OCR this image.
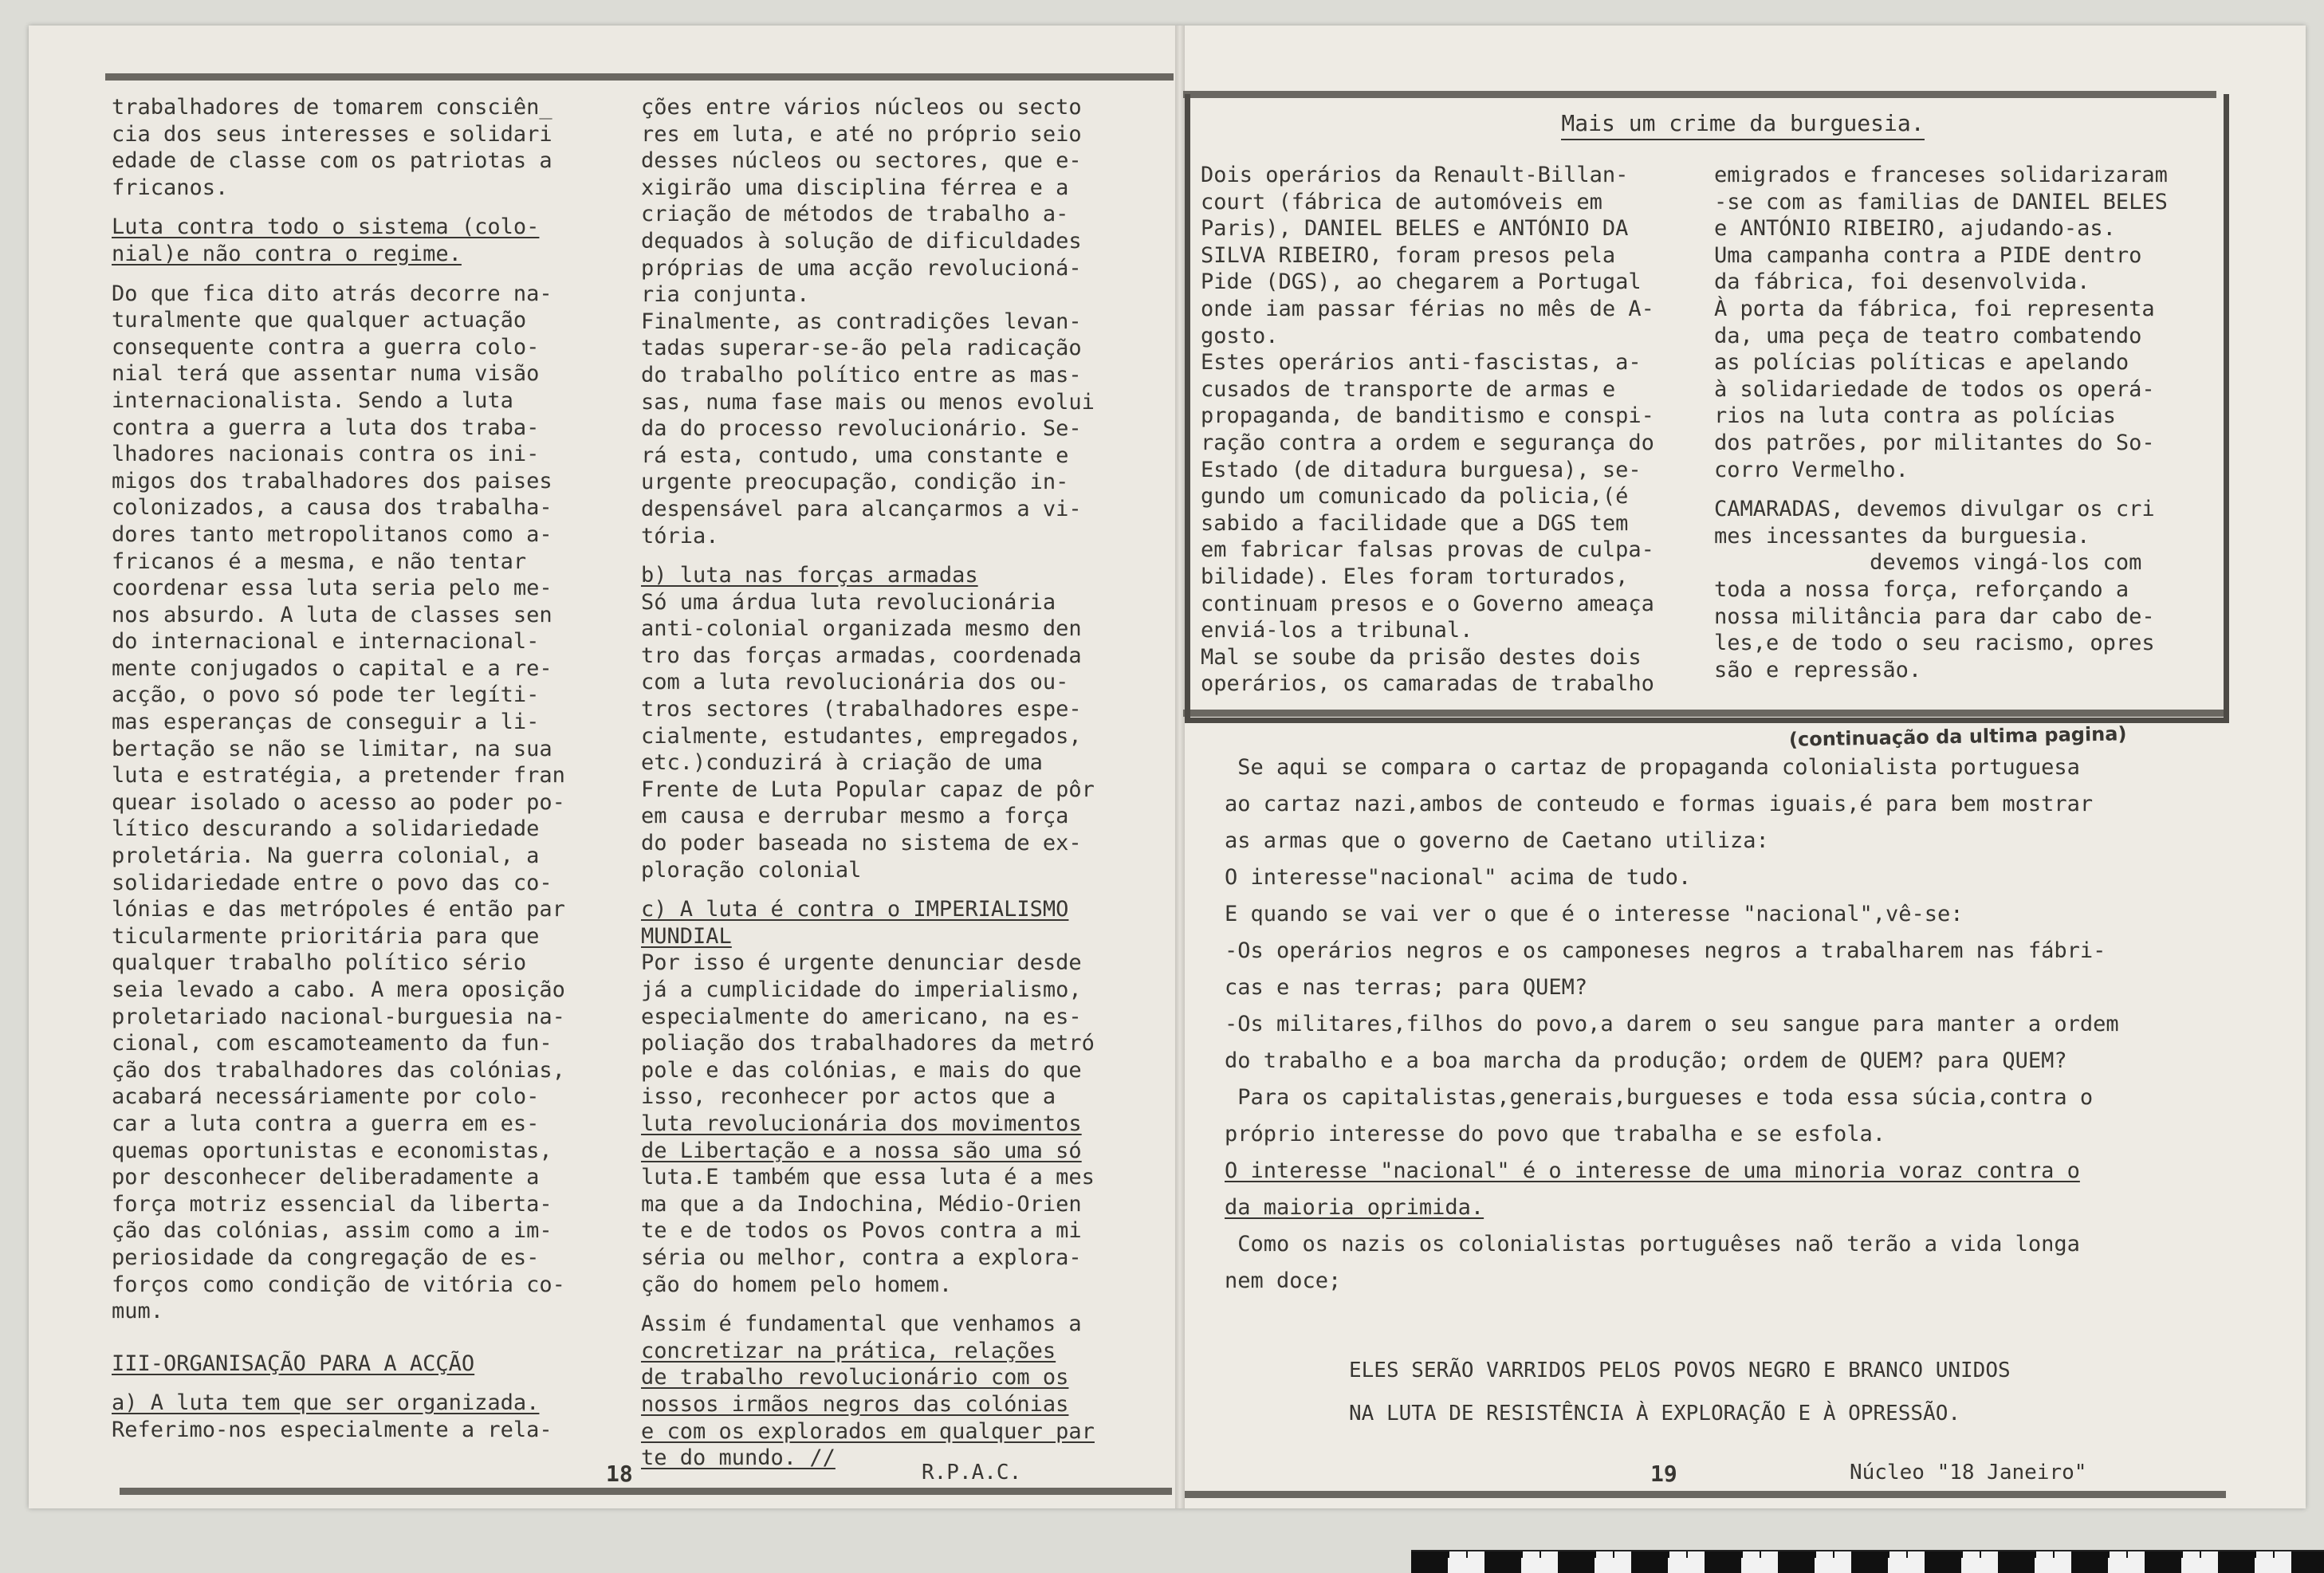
Mais um crime da burguesia.
trabalhadores de tomarem consciên_
cia dos seus interesses e solidari
edade de classe com os patriotas a
fricanos.
Luta contra todo o sistema (colo-
nial)e não contra o regime.
Do que fica dito atrás decorre na-
turalmente que qualquer actuação
consequente contra a guerra colo-
nial terá que assentar numa visão
internacionalista. Sendo a luta
contra a guerra a luta dos traba-
lhadores nacionais contra os ini-
migos dos trabalhadores dos paises
colonizados, a causa dos trabalha-
dores tanto metropolitanos como a-
fricanos é a mesma, e não tentar
coordenar essa luta seria pelo me-
nos absurdo. A luta de classes sen
do internacional e internacional-
mente conjugados o capital e a re-
acção, o povo só pode ter legíti-
mas esperanças de conseguir a li-
bertação se não se limitar, na sua
luta e estratégia, a pretender fran
quear isolado o acesso ao poder po-
lítico descurando a solidariedade
proletária. Na guerra colonial, a
solidariedade entre o povo das co-
lónias e das metrópoles é então par
ticularmente prioritária para que
qualquer trabalho político sério
seia levado a cabo. A mera oposição
proletariado nacional-burguesia na-
cional, com escamoteamento da fun-
ção dos trabalhadores das colónias,
acabará necessáriamente por colo-
car a luta contra a guerra em es-
quemas oportunistas e economistas,
por desconhecer deliberadamente a
força motriz essencial da liberta-
ção das colónias, assim como a im-
periosidade da congregação de es-
forços como condição de vitória co-
mum.
III-ORGANISAÇÃO PARA A ACÇÃO
a) A luta tem que ser organizada.
Referimo-nos especialmente a rela-
ções entre vários núcleos ou secto
res em luta, e até no próprio seio
desses núcleos ou sectores, que e-
xigirão uma disciplina férrea e a
criação de métodos de trabalho a-
dequados à solução de dificuldades
próprias de uma acção revolucioná-
ria conjunta.
Finalmente, as contradições levan-
tadas superar-se-ão pela radicação
do trabalho político entre as mas-
sas, numa fase mais ou menos evolui
da do processo revolucionário. Se-
rá esta, contudo, uma constante e
urgente preocupação, condição in-
despensável para alcançarmos a vi-
tória.
b) luta nas forças armadas
Só uma árdua luta revolucionária
anti-colonial organizada mesmo den
tro das forças armadas, coordenada
com a luta revolucionária dos ou-
tros sectores (trabalhadores espe-
cialmente, estudantes, empregados,
etc.)conduzirá à criação de uma
Frente de Luta Popular capaz de pôr
em causa e derrubar mesmo a força
do poder baseada no sistema de ex-
ploração colonial
c) A luta é contra o IMPERIALISMO
MUNDIAL
Por isso é urgente denunciar desde
já a cumplicidade do imperialismo,
especialmente do americano, na es-
poliação dos trabalhadores da metró
pole e das colónias, e mais do que
isso, reconhecer por actos que a
luta revolucionária dos movimentos
de Libertação e a nossa são uma só
luta.E também que essa luta é a mes
ma que a da Indochina, Médio-Orien
te e de todos os Povos contra a mi
séria ou melhor, contra a explora-
ção do homem pelo homem.
Assim é fundamental que venhamos a
concretizar na prática, relações
de trabalho revolucionário com os
nossos irmãos negros das colónias
e com os explorados em qualquer par
te do mundo. //
Dois operários da Renault-Billan-
court (fábrica de automóveis em
Paris), DANIEL BELES e ANTÓNIO DA
SILVA RIBEIRO, foram presos pela
Pide (DGS), ao chegarem a Portugal
onde iam passar férias no mês de A-
gosto.
Estes operários anti-fascistas, a-
cusados de transporte de armas e
propaganda, de banditismo e conspi-
ração contra a ordem e segurança do
Estado (de ditadura burguesa), se-
gundo um comunicado da policia,(é
sabido a facilidade que a DGS tem
em fabricar falsas provas de culpa-
bilidade). Eles foram torturados,
continuam presos e o Governo ameaça
enviá-los a tribunal.
Mal se soube da prisão destes dois
operários, os camaradas de trabalho
emigrados e franceses solidarizaram
-se com as familias de DANIEL BELES
e ANTÓNIO RIBEIRO, ajudando-as.
Uma campanha contra a PIDE dentro
da fábrica, foi desenvolvida.
À porta da fábrica, foi representa
da, uma peça de teatro combatendo
as polícias políticas e apelando
à solidariedade de todos os operá-
rios na luta contra as polícias
dos patrões, por militantes do So-
corro Vermelho.
CAMARADAS, devemos divulgar os cri
mes incessantes da burguesia.
devemos vingá-los com
toda a nossa força, reforçando a
nossa militância para dar cabo de-
les,e de todo o seu racismo, opres
são e repressão.
(continuação da ultima pagina)
Se aqui se compara o cartaz de propaganda colonialista portuguesa
ao cartaz nazi,ambos de conteudo e formas iguais,é para bem mostrar
as armas que o governo de Caetano utiliza:
O interesse"nacional" acima de tudo.
E quando se vai ver o que é o interesse "nacional",vê-se:
-Os operários negros e os camponeses negros a trabalharem nas fábri-
cas e nas terras; para QUEM?
-Os militares,filhos do povo,a darem o seu sangue para manter a ordem
do trabalho e a boa marcha da produção; ordem de QUEM? para QUEM?
Para os capitalistas,generais,burgueses e toda essa súcia,contra o
próprio interesse do povo que trabalha e se esfola.
O interesse "nacional" é o interesse de uma minoria voraz contra o
da maioria oprimida.
Como os nazis os colonialistas portuguêses naõ terão a vida longa
nem doce;
ELES SERÃO VARRIDOS PELOS POVOS NEGRO E BRANCO UNIDOS
NA LUTA DE RESISTÊNCIA À EXPLORAÇÃO E À OPRESSÃO.
18	R.P.A.C.	19	Núcleo "18 Janeiro"
